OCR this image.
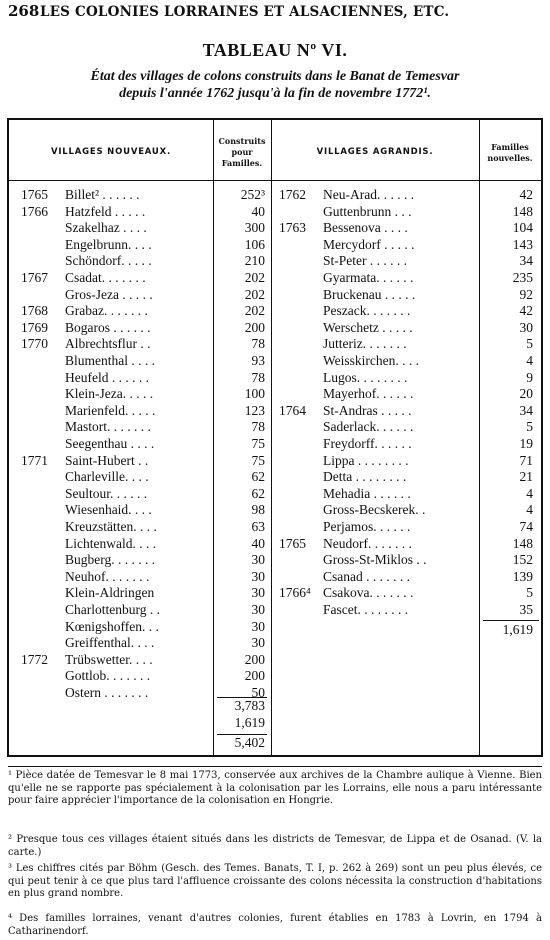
268 LES COLONIES LORRAINES ET ALSACIENNES, ETC.
TABLEAU Nº VI.
État des villages de colons construits dans le Banat de Temesvar
depuis l'année 1762 jusqu'à la fin de novembre 1772¹.
VILLAGES NOUVEAUX.
Construits
pour
Familles.
VILLAGES AGRANDIS.	Familles
nouvelles.
1765	Billet² . . . . . .	252³
1766	Hatzfeld . . . . .	40
Szakelhaz . . . .	300
Engelbrunn. . . .	106
Schöndorf. . . . .	210
1767	Csadat. . . . . . .	202
Gros-Jeza . . . . .	202
1768	Grabaz. . . . . . .	202
1769	Bogaros . . . . . .	200
1770	Albrechtsflur . .	78
Blumenthal . . . .	93
Heufeld . . . . . .	78
Klein-Jeza. . . . .	100
Marienfeld. . . . .	123
Mastort. . . . . . .	78
Seegenthau . . . .	75
1771	Saint-Hubert . .	75
Charleville. . . .	62
Seultour. . . . . .	62
Wiesenhaid. . . .	98
Kreuzstätten. . . .	63
Lichtenwald. . . .	40
Bugberg. . . . . . .	30
Neuhof. . . . . . .	30
Klein-Aldringen	30
Charlottenburg . .	30
Kœnigshoffen. . .	30
Greiffenthal. . . .	30
1772	Trübswetter. . . .	200
Gottlob. . . . . . .	200
Ostern . . . . . . .	50
1762	Neu-Arad. . . . . .	42
Guttenbrunn . . .	148
1763	Bessenova . . . .	104
Mercydorf . . . . .	143
St-Peter . . . . . .	34
Gyarmata. . . . . .	235
Bruckenau . . . . .	92
Peszack. . . . . . .	42
Werschetz . . . . .	30
Jutteriz. . . . . . .	5
Weisskirchen. . . .	4
Lugos. . . . . . . .	9
Mayerhof. . . . . .	20
1764	St-Andras . . . . .	34
Saderlack. . . . . .	5
Freydorff. . . . . .	19
Lippa . . . . . . . .	71
Detta . . . . . . . .	21
Mehadia . . . . . .	4
Gross-Becskerek. .	4
Perjamos. . . . . .	74
1765	Neudorf. . . . . . .	148
Gross-St-Miklos . .	152
Csanad . . . . . . .	139
1766⁴ Csakova. . . . . . .	5
Fascet. . . . . . . .	35
3,783
1,619
5,402
1,619
¹ Pièce datée de Temesvar le 8 mai 1773, conservée aux archives de la Chambre aulique à Vienne. Bien qu'elle ne se rapporte pas spécialement à la colonisation par les Lorrains, elle nous a paru intéressante pour faire apprécier l'importance de la colonisation en Hongrie.
² Presque tous ces villages étaient situés dans les districts de Temesvar, de Lippa et de Osanad. (V. la carte.)
³ Les chiffres cités par Böhm (Gesch. des Temes. Banats, T. I, p. 262 à 269) sont un peu plus élevés, ce qui peut tenir à ce que plus tard l'affluence croissante des colons nécessita la construction d'habitations en plus grand nombre.
⁴ Des familles lorraines, venant d'autres colonies, furent établies en 1783 à Lovrin, en 1794 à Catharinendorf.
